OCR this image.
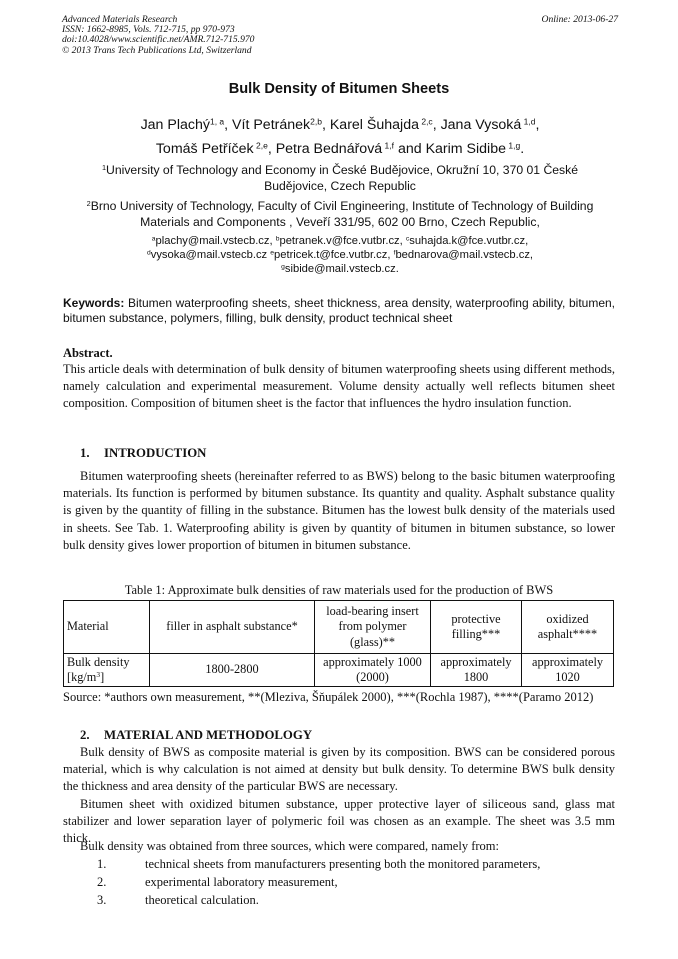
Advanced Materials Research
ISSN: 1662-8985, Vols. 712-715, pp 970-973
doi:10.4028/www.scientific.net/AMR.712-715.970
© 2013 Trans Tech Publications Ltd, Switzerland
Online: 2013-06-27
Bulk Density of Bitumen Sheets
Jan Plachý$^{1, a}$, Vít Petránek$^{2,b}$, Karel Šuhajda $^{2,c}$, Jana Vysoká $^{1,d}$,
Tomáš Petříček $^{2,e}$, Petra Bednářová $^{1,f}$ and Karim Sidibe $^{1,g}$.
$^1$University of Technology and Economy in České Budějovice, Okružní 10, 370 01 České Budějovice, Czech Republic
$^2$Brno University of Technology, Faculty of Civil Engineering, Institute of Technology of Building Materials and Components , Veveří 331/95, 602 00 Brno, Czech Republic,
$^a$plachy@mail.vstecb.cz, $^b$petranek.v@fce.vutbr.cz, $^c$suhajda.k@fce.vutbr.cz,
$^d$vysoka@mail.vstecb.cz $^e$petricek.t@fce.vutbr.cz, $^f$bednarova@mail.vstecb.cz,
$^g$sibide@mail.vstecb.cz.
Keywords: Bitumen waterproofing sheets, sheet thickness, area density, waterproofing ability, bitumen, bitumen substance, polymers, filling, bulk density, product technical sheet
Abstract.
This article deals with determination of bulk density of bitumen waterproofing sheets using different methods, namely calculation and experimental measurement. Volume density actually well reflects bitumen sheet composition. Composition of bitumen sheet is the factor that influences the hydro insulation function.
1. INTRODUCTION
Bitumen waterproofing sheets (hereinafter referred to as BWS) belong to the basic bitumen waterproofing materials. Its function is performed by bitumen substance. Its quantity and quality. Asphalt substance quality is given by the quantity of filling in the substance. Bitumen has the lowest bulk density of the materials used in sheets. See Tab. 1. Waterproofing ability is given by quantity of bitumen in bitumen substance, so lower bulk density gives lower proportion of bitumen in bitumen substance.
Table 1: Approximate bulk densities of raw materials used for the production of BWS
Material	filler in asphalt substance*	load-bearing insert from polymer (glass)**	protective filling***	oxidized asphalt****
Bulk density $[kg/m^3]$	1800-2800	approximately 1000 (2000)	approximately 1800	approximately 1020
Source: *authors own measurement, **(Mleziva, Šňupálek 2000), ***(Rochla 1987), ****(Paramo 2012)
2. MATERIAL AND METHODOLOGY
Bulk density of BWS as composite material is given by its composition. BWS can be considered porous material, which is why calculation is not aimed at density but bulk density. To determine BWS bulk density the thickness and area density of the particular BWS are necessary.
Bitumen sheet with oxidized bitumen substance, upper protective layer of siliceous sand, glass mat stabilizer and lower separation layer of polymeric foil was chosen as an example. The sheet was 3.5 mm thick.
Bulk density was obtained from three sources, which were compared, namely from:
1.	technical sheets from manufacturers presenting both the monitored parameters,
2.	experimental laboratory measurement,
3.	theoretical calculation.
